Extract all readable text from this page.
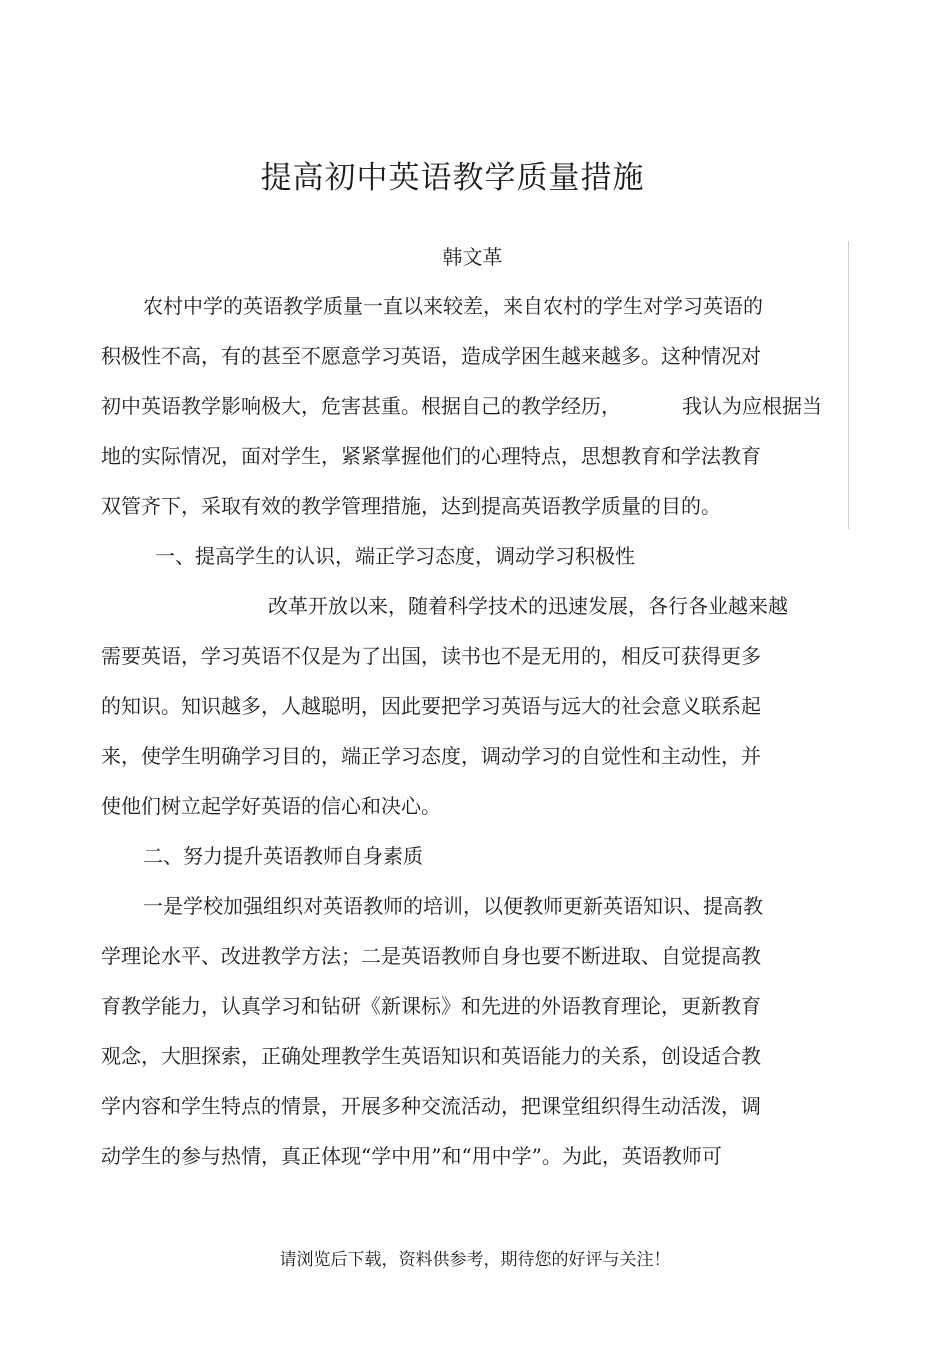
提高初中英语教学质量措施
韩文革
农村中学的英语教学质量一直以来较差，来自农村的学生对学习英语的
积极性不高，有的甚至不愿意学习英语，造成学困生越来越多。这种情况对
初中英语教学影响极大，危害甚重。根据自己的教学经历，	我认为应根据当
地的实际情况，面对学生，紧紧掌握他们的心理特点，思想教育和学法教育
双管齐下，采取有效的教学管理措施，达到提高英语教学质量的目的。
一、提高学生的认识，端正学习态度，调动学习积极性
改革开放以来，随着科学技术的迅速发展，各行各业越来越
需要英语，学习英语不仅是为了出国，读书也不是无用的，相反可获得更多
的知识。知识越多，人越聪明，因此要把学习英语与远大的社会意义联系起
来，使学生明确学习目的，端正学习态度，调动学习的自觉性和主动性，并
使他们树立起学好英语的信心和决心。
二、努力提升英语教师自身素质
一是学校加强组织对英语教师的培训，以便教师更新英语知识、提高教
学理论水平、改进教学方法；二是英语教师自身也要不断进取、自觉提高教
育教学能力，认真学习和钻研《新课标》和先进的外语教育理论，更新教育
观念，大胆探索，正确处理教学生英语知识和英语能力的关系，创设适合教
学内容和学生特点的情景，开展多种交流活动，把课堂组织得生动活泼，调
动学生的参与热情，真正体现“学中用”和“用中学”。为此，英语教师可
请浏览后下载，资料供参考，期待您的好评与关注！
